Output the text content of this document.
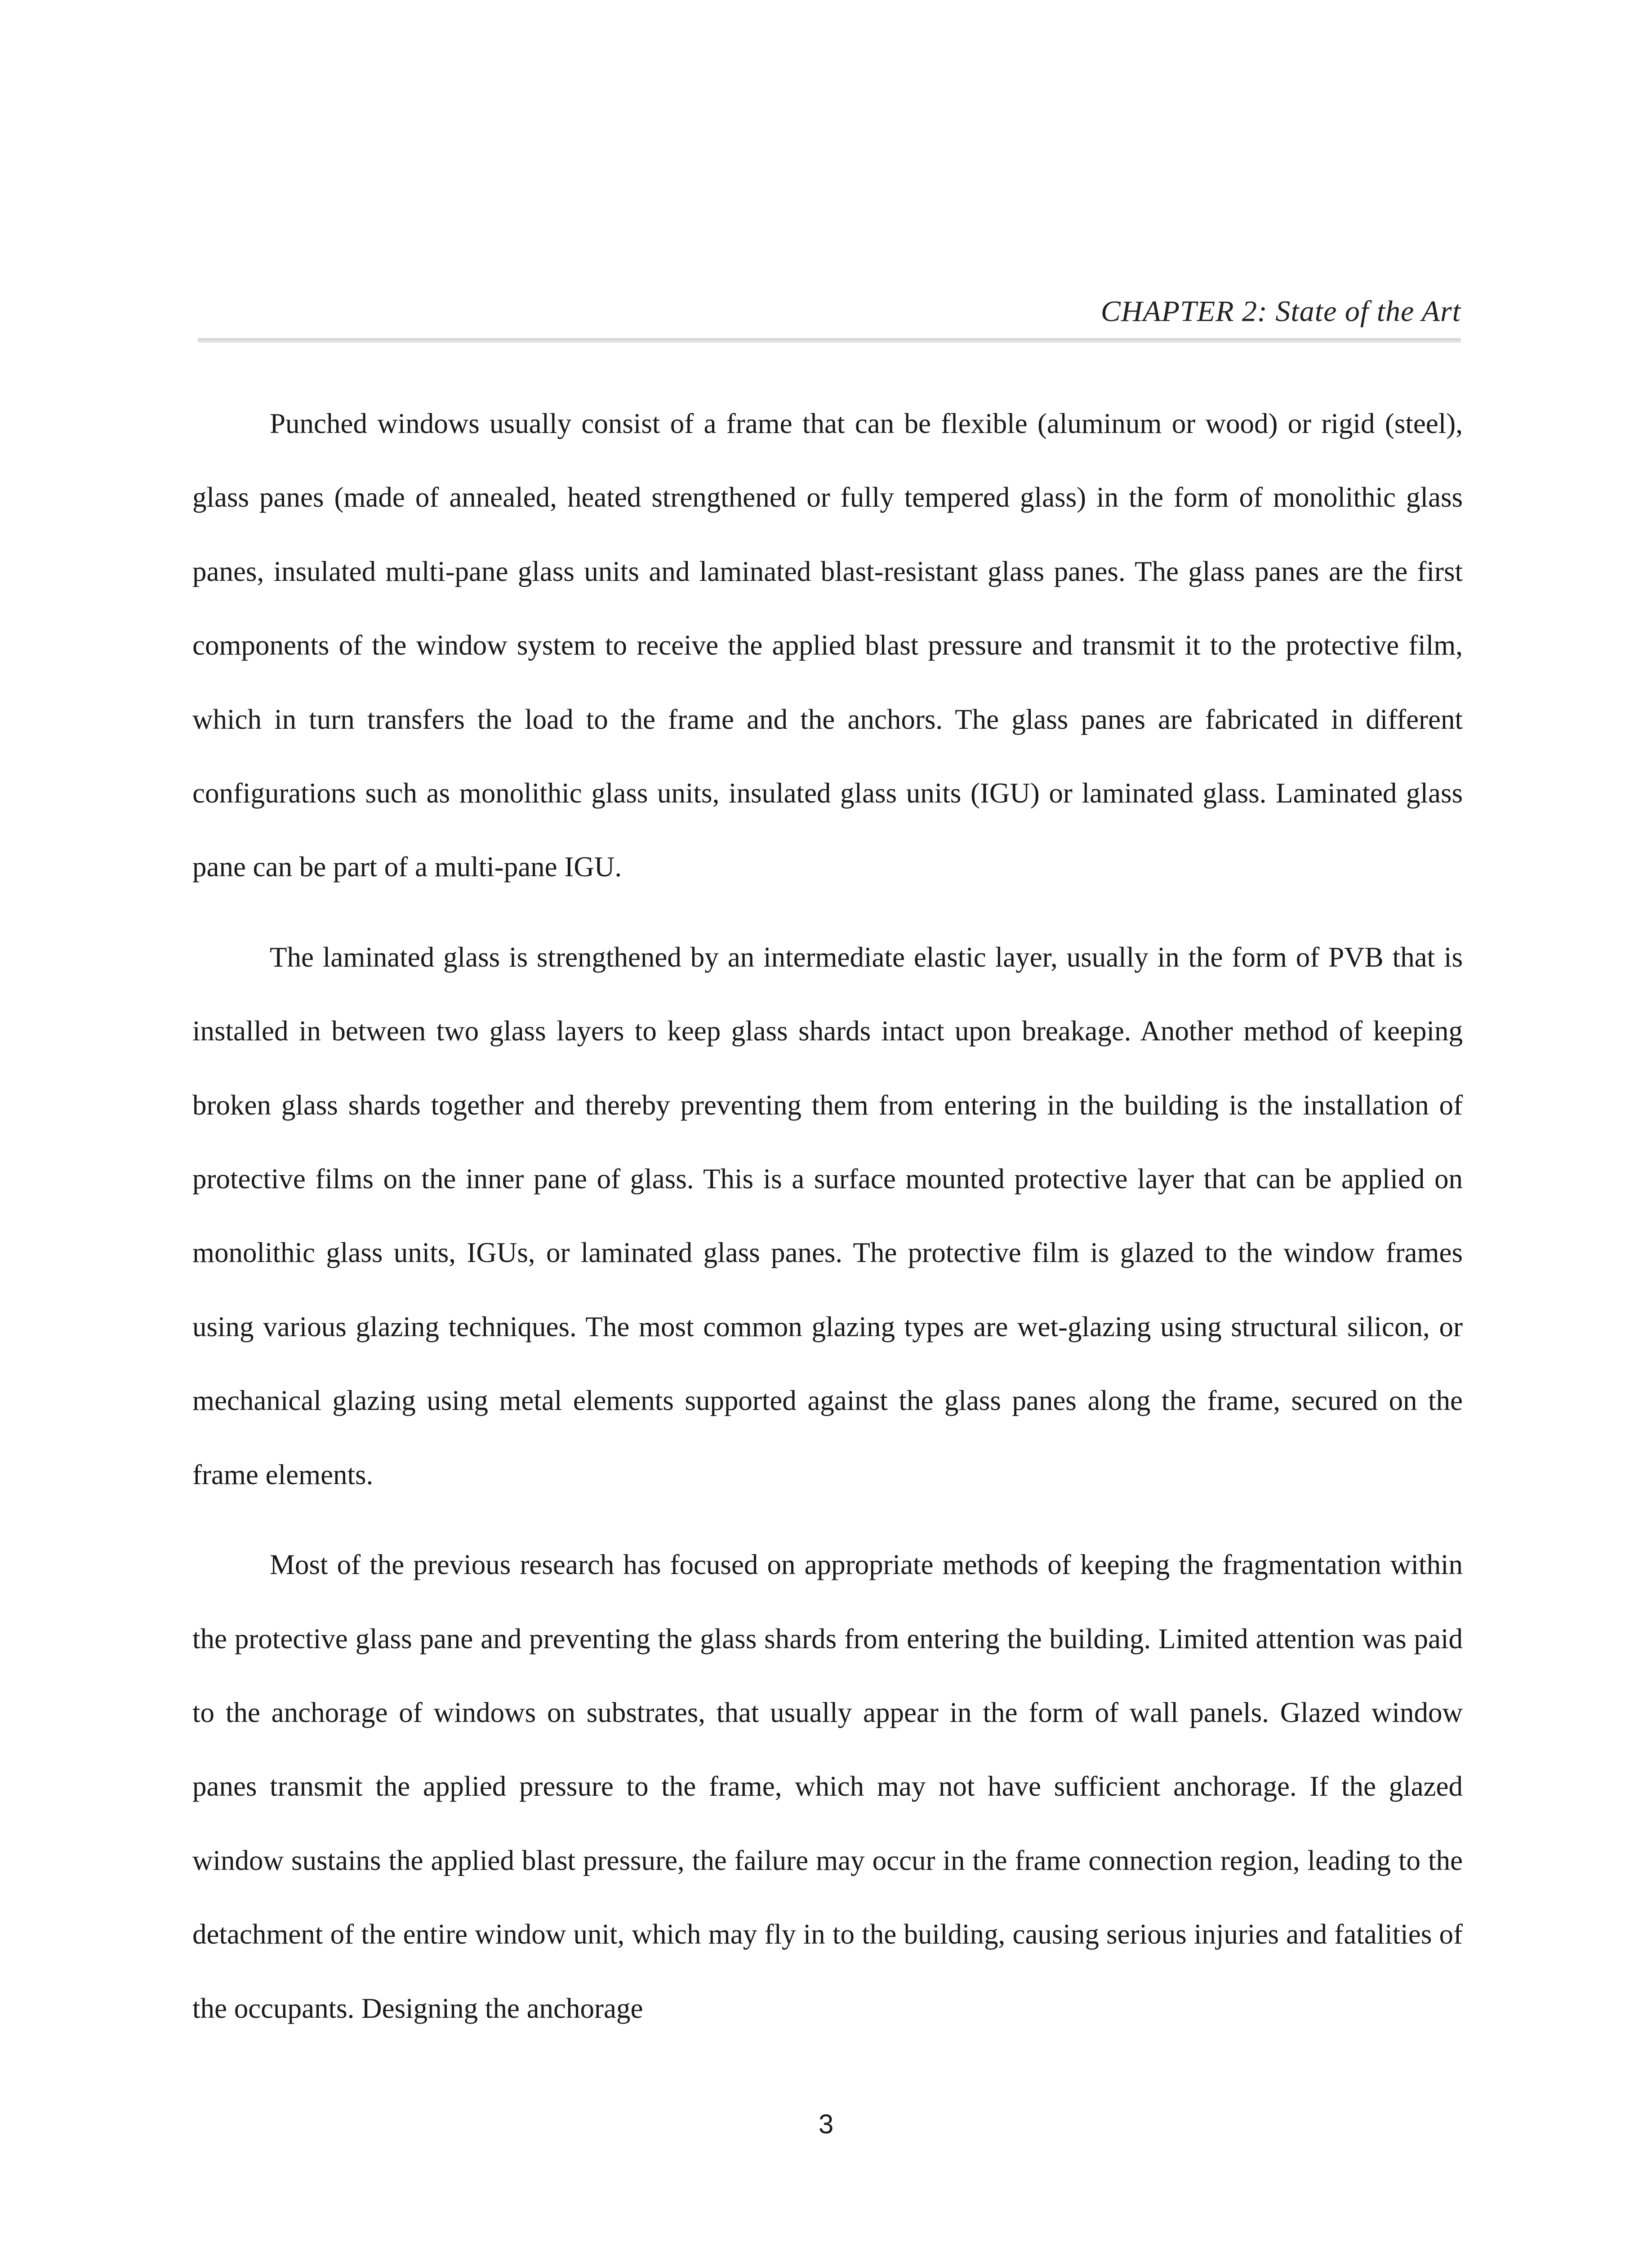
CHAPTER 2: State of the Art

Punched windows usually consist of a frame that can be flexible (aluminum or wood) or rigid (steel), glass panes (made of annealed, heated strengthened or fully tempered glass) in the form of monolithic glass panes, insulated multi-pane glass units and laminated blast-resistant glass panes. The glass panes are the first components of the window system to receive the applied blast pressure and transmit it to the protective film, which in turn transfers the load to the frame and the anchors. The glass panes are fabricated in different configurations such as monolithic glass units, insulated glass units (IGU) or laminated glass. Laminated glass pane can be part of a multi-pane IGU.

The laminated glass is strengthened by an intermediate elastic layer, usually in the form of PVB that is installed in between two glass layers to keep glass shards intact upon breakage. Another method of keeping broken glass shards together and thereby preventing them from entering in the building is the installation of protective films on the inner pane of glass. This is a surface mounted protective layer that can be applied on monolithic glass units, IGUs, or laminated glass panes. The protective film is glazed to the window frames using various glazing techniques. The most common glazing types are wet-glazing using structural silicon, or mechanical glazing using metal elements supported against the glass panes along the frame, secured on the frame elements.

Most of the previous research has focused on appropriate methods of keeping the fragmentation within the protective glass pane and preventing the glass shards from entering the building. Limited attention was paid to the anchorage of windows on substrates, that usually appear in the form of wall panels. Glazed window panes transmit the applied pressure to the frame, which may not have sufficient anchorage. If the glazed window sustains the applied blast pressure, the failure may occur in the frame connection region, leading to the detachment of the entire window unit, which may fly in to the building, causing serious injuries and fatalities of the occupants. Designing the anchorage

3
